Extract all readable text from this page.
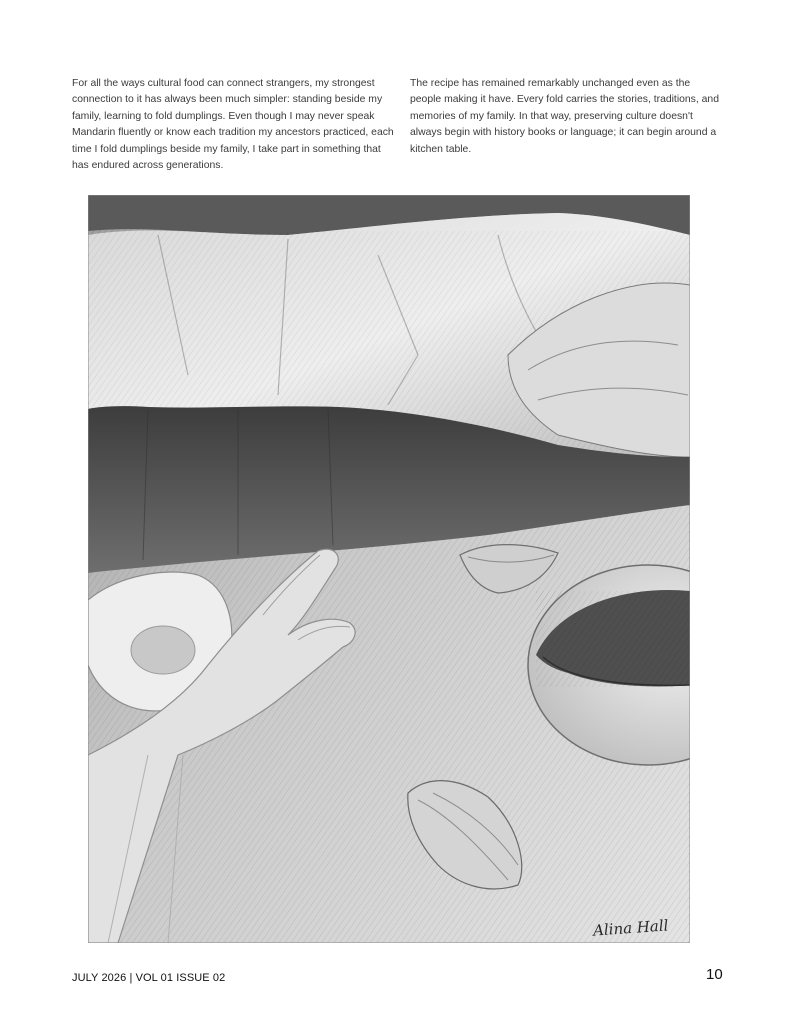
For all the ways cultural food can connect strangers, my strongest connection to it has always been much simpler: standing beside my family, learning to fold dumplings. Even though I may never speak Mandarin fluently or know each tradition my ancestors practiced, each time I fold dumplings beside my family, I take part in something that has endured across generations.
The recipe has remained remarkably unchanged even as the people making it have. Every fold carries the stories, traditions, and memories of my family. In that way, preserving culture doesn't always begin with history books or language; it can begin around a kitchen table.
Alina Hall
JULY 2026 | VOL 01 ISSUE 02	10
